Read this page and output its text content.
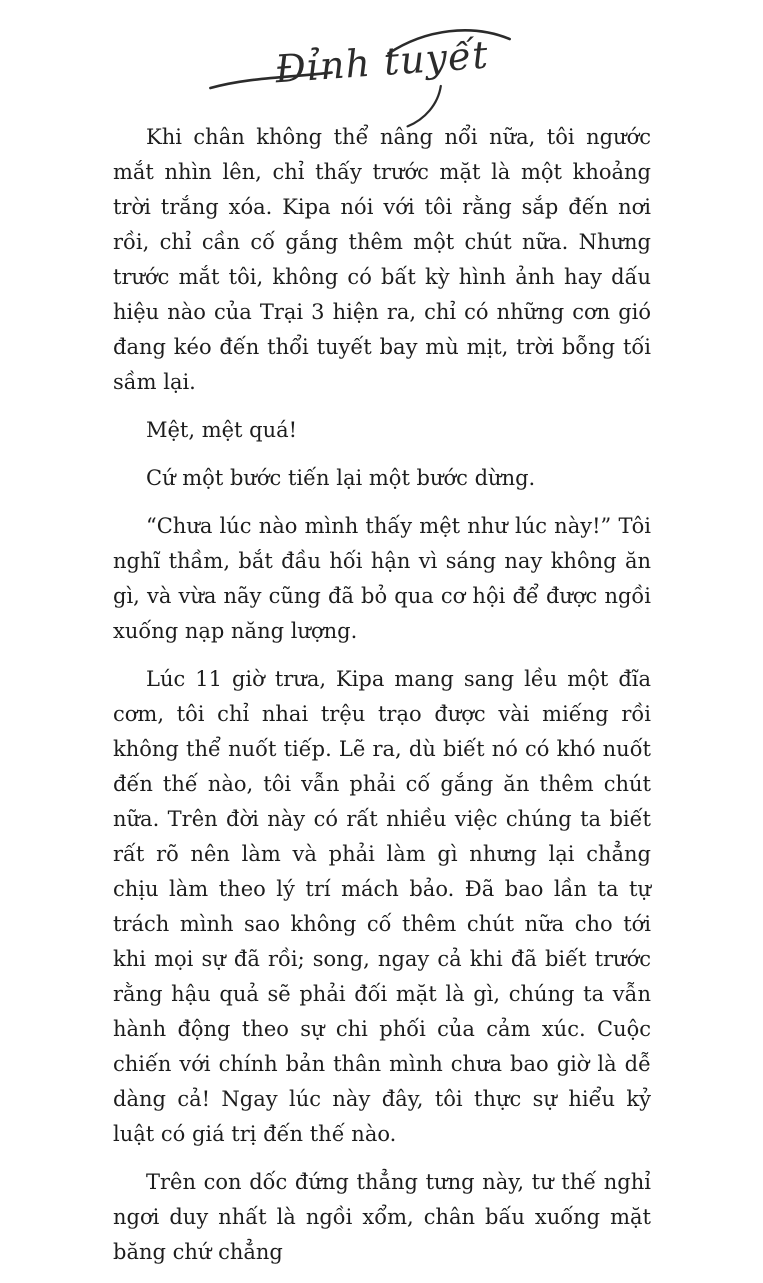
Đỉnh tuyết

Khi chân không thể nâng nổi nữa, tôi ngước mắt nhìn lên, chỉ thấy trước mặt là một khoảng trời trắng xóa. Kipa nói với tôi rằng sắp đến nơi rồi, chỉ cần cố gắng thêm một chút nữa. Nhưng trước mắt tôi, không có bất kỳ hình ảnh hay dấu hiệu nào của Trại 3 hiện ra, chỉ có những cơn gió đang kéo đến thổi tuyết bay mù mịt, trời bỗng tối sầm lại.

Mệt, mệt quá!

Cứ một bước tiến lại một bước dừng.

“Chưa lúc nào mình thấy mệt như lúc này!” Tôi nghĩ thầm, bắt đầu hối hận vì sáng nay không ăn gì, và vừa nãy cũng đã bỏ qua cơ hội để được ngồi xuống nạp năng lượng.

Lúc 11 giờ trưa, Kipa mang sang lều một đĩa cơm, tôi chỉ nhai trệu trạo được vài miếng rồi không thể nuốt tiếp. Lẽ ra, dù biết nó có khó nuốt đến thế nào, tôi vẫn phải cố gắng ăn thêm chút nữa. Trên đời này có rất nhiều việc chúng ta biết rất rõ nên làm và phải làm gì nhưng lại chẳng chịu làm theo lý trí mách bảo. Đã bao lần ta tự trách mình sao không cố thêm chút nữa cho tới khi mọi sự đã rồi; song, ngay cả khi đã biết trước rằng hậu quả sẽ phải đối mặt là gì, chúng ta vẫn hành động theo sự chi phối của cảm xúc. Cuộc chiến với chính bản thân mình chưa bao giờ là dễ dàng cả! Ngay lúc này đây, tôi thực sự hiểu kỷ luật có giá trị đến thế nào.

Trên con dốc đứng thẳng tưng này, tư thế nghỉ ngơi duy nhất là ngồi xổm, chân bấu xuống mặt băng chứ chẳng
